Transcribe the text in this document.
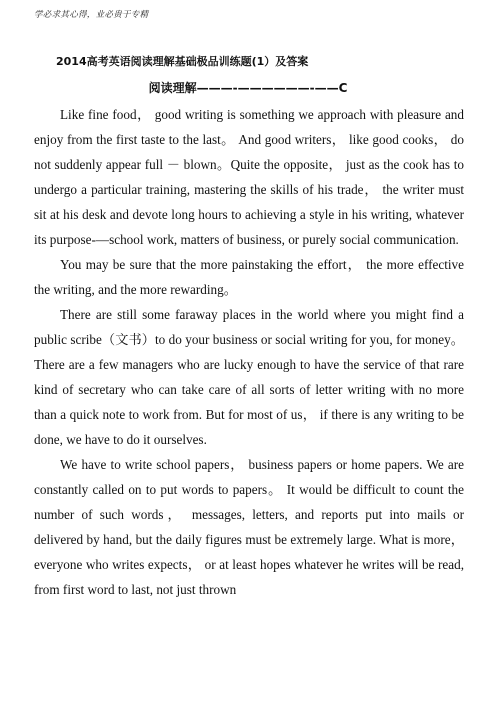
学必求其心得，业必贵于专精
2014高考英语阅读理解基础极品训练题(1）及答案
阅读理解———-——————-——C

Like fine food， good writing is something we approach with pleasure and enjoy from the first taste to the last。 And good writers， like good cooks， do not suddenly appear full － blown。Quite the opposite， just as the cook has to undergo a particular training, mastering the skills of his trade， the writer must sit at his desk and devote long hours to achieving a style in his writing, whatever its purpose-—school work, matters of business, or purely social communication.

You may be sure that the more painstaking the effort， the more effective the writing, and the more rewarding。

There are still some faraway places in the world where you might find a public scribe（文书）to do your business or social writing for you, for money。 There are a few managers who are lucky enough to have the service of that rare kind of secretary who can take care of all sorts of letter writing with no more than a quick note to work from. But for most of us， if there is any writing to be done, we have to do it ourselves.

We have to write school papers， business papers or home papers. We are constantly called on to put words to papers。 It would be difficult to count the number of such words， messages, letters, and reports put into mails or delivered by hand, but the daily figures must be extremely large. What is more， everyone who writes expects， or at least hopes whatever he writes will be read, from first word to last, not just thrown
